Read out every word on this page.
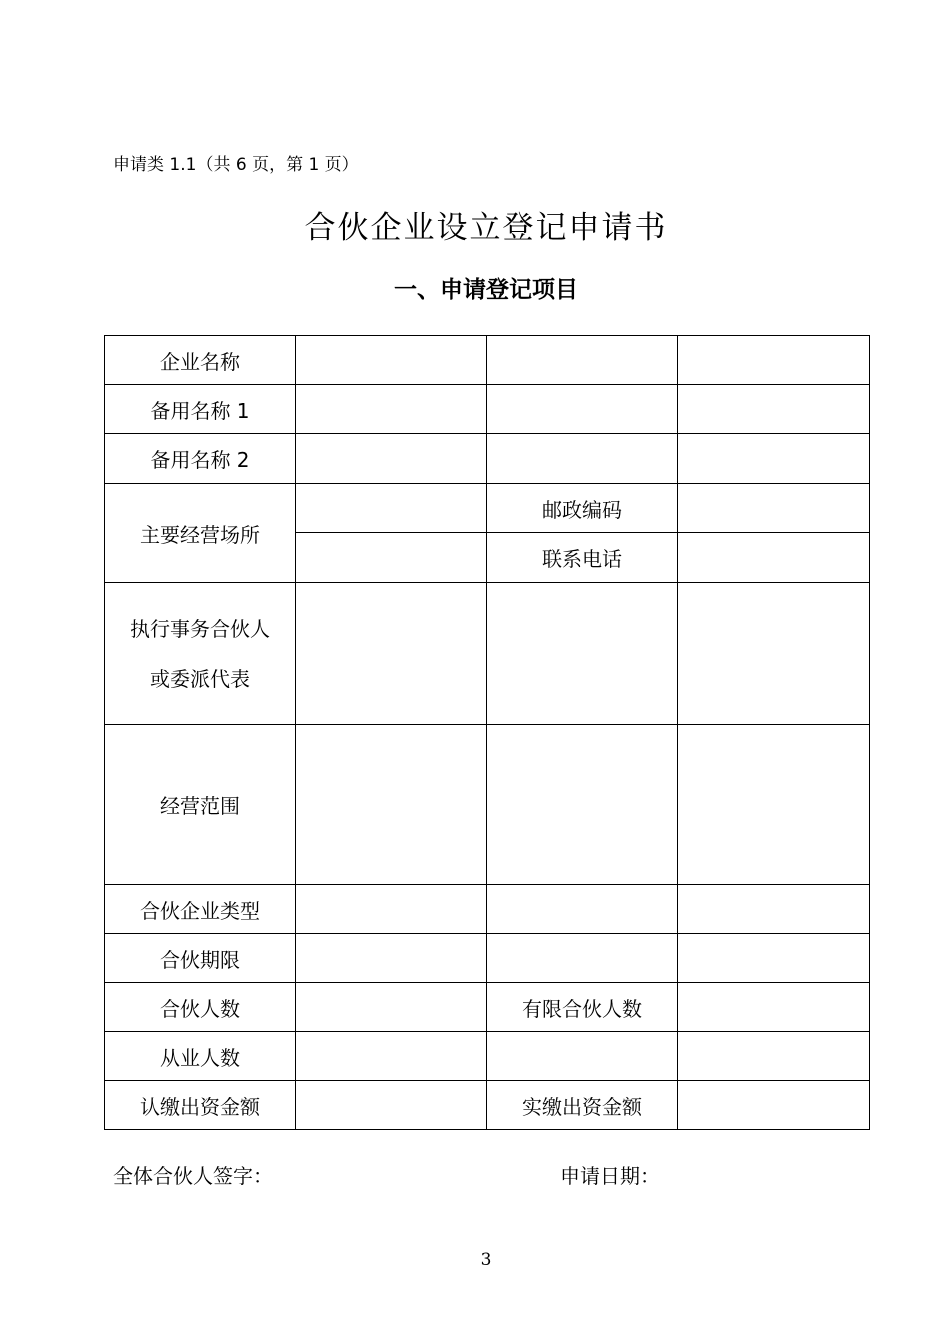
申请类 1.1（共 6 页，第 1 页）
合伙企业设立登记申请书
一、申请登记项目
企业名称			
备用名称 1			
备用名称 2			
主要经营场所		邮政编码	
		联系电话	

执行事务合伙人
或委派代表			

经营范围			
合伙企业类型			
合伙期限			
合伙人数		有限合伙人数	
从业人数			
认缴出资金额		实缴出资金额	
全体合伙人签字：	申请日期：
3
